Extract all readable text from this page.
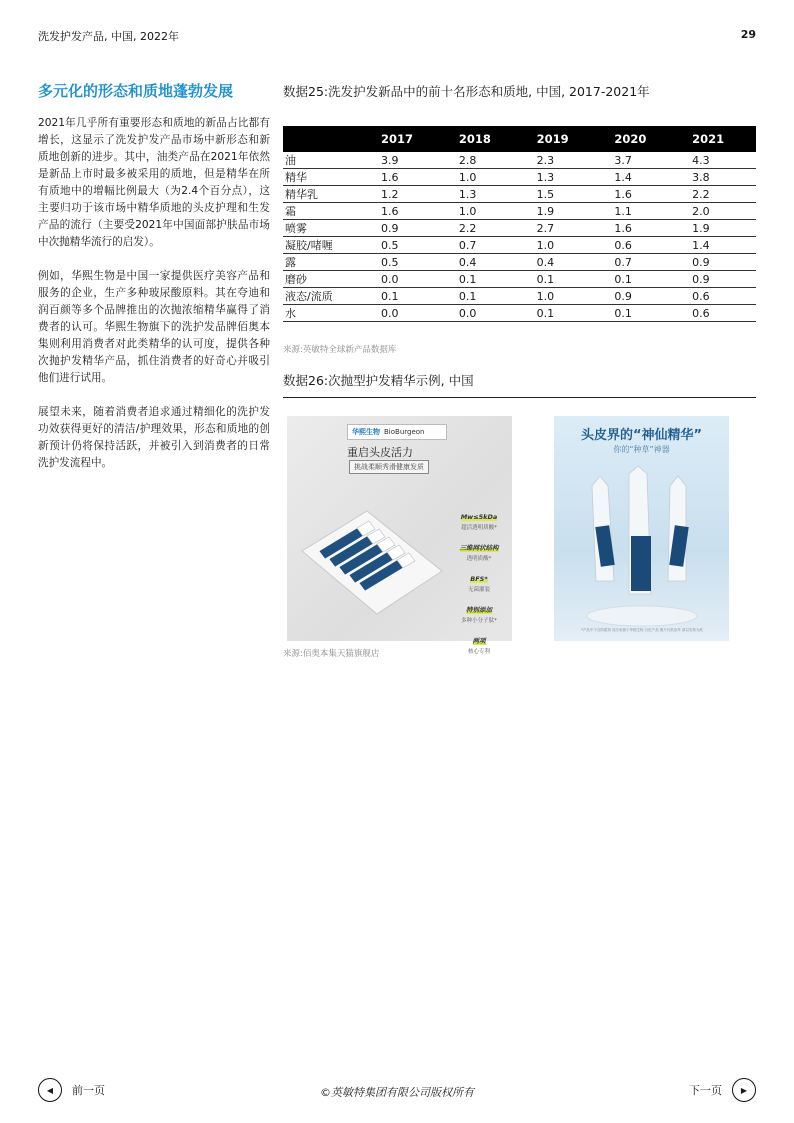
洗发护发产品, 中国, 2022年	29
多元化的形态和质地蓬勃发展

2021年几乎所有重要形态和质地的新品占比都有增长，这显示了洗发护发产品市场中新形态和新质地创新的进步。其中，油类产品在2021年依然是新品上市时最多被采用的质地，但是精华在所有质地中的增幅比例最大（为2.4个百分点），这主要归功于该市场中精华质地的头皮护理和生发产品的流行（主要受2021年中国面部护肤品市场中次抛精华流行的启发）。

例如，华熙生物是中国一家提供医疗美容产品和服务的企业，生产多种玻尿酸原料。其在夸迪和润百颜等多个品牌推出的次抛浓缩精华赢得了消费者的认可。华熙生物旗下的洗护发品牌佰奥本集则利用消费者对此类精华的认可度，提供各种次抛护发精华产品，抓住消费者的好奇心并吸引他们进行试用。

展望未来，随着消费者追求通过精细化的洗护发功效获得更好的清洁/护理效果，形态和质地的创新预计仍将保持活跃，并被引入到消费者的日常洗护发流程中。

数据25:洗发护发新品中的前十名形态和质地, 中国, 2017-2021年

	2017	2018	2019	2020	2021
油	3.9	2.8	2.3	3.7	4.3
精华	1.6	1.0	1.3	1.4	3.8
精华乳	1.2	1.3	1.5	1.6	2.2
霜	1.6	1.0	1.9	1.1	2.0
喷雾	0.9	2.2	2.7	1.6	1.9
凝胶/啫喱	0.5	0.7	1.0	0.6	1.4
露	0.5	0.4	0.4	0.7	0.9
磨砂	0.0	0.1	0.1	0.1	0.9
液态/流质	0.1	0.1	1.0	0.9	0.6
水	0.0	0.0	0.1	0.1	0.6
来源:英敏特全球新产品数据库
数据26:次抛型护发精华示例, 中国
华熙生物 BioBurgeon
重启头皮活力
挑战柔顺秀滑健康发质
Mw≤5kDa
超活透明质酸*
三维网状结构
透明质酸*
BFS*
无菌灌装
特别添加
多种小分子肽*
两项
核心专利
头皮界的“神仙精华”
你的“种草”神器
*产品中不含防腐剂 成分来源于华熙生物 日化产品 图片仅供参考 请以实物为准
来源:佰奥本集天猫旗舰店
◀	前一页	©英敏特集团有限公司版权所有	下一页	▶
